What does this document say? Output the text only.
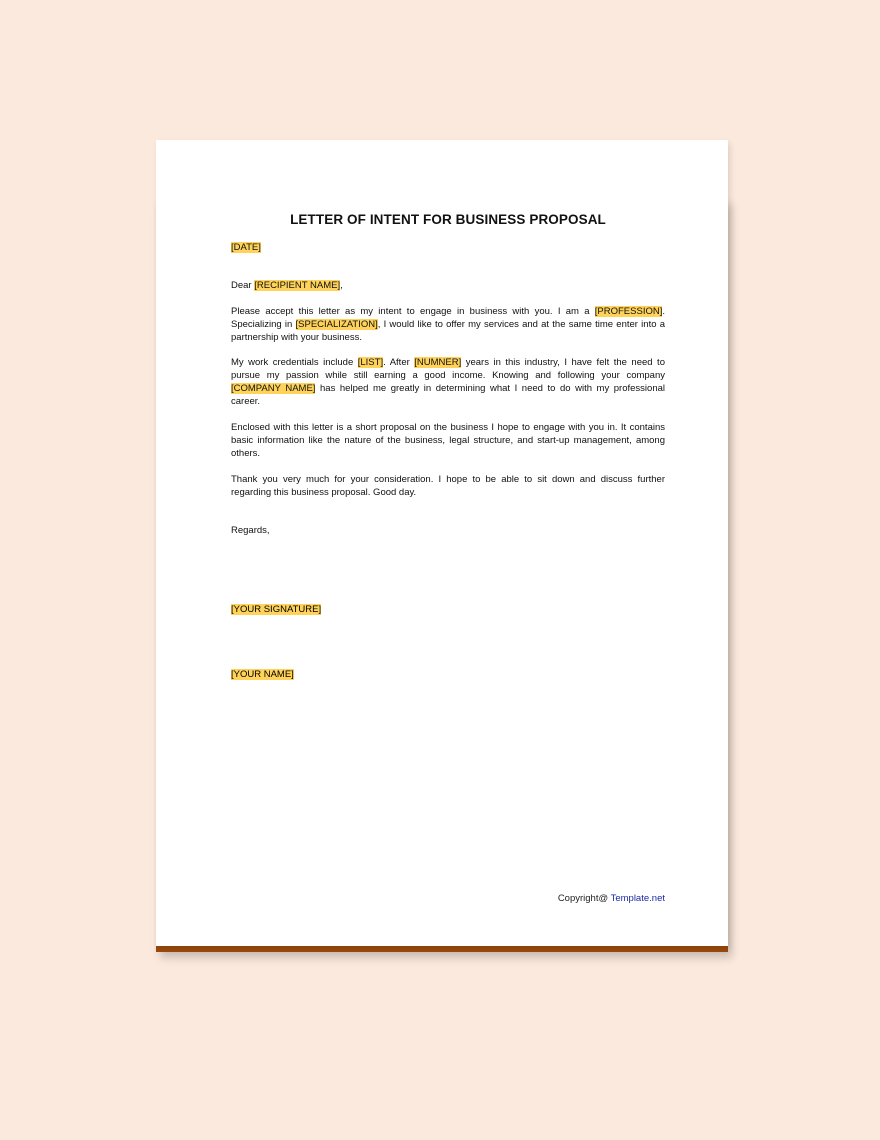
LETTER OF INTENT FOR BUSINESS PROPOSAL

[DATE]

Dear [RECIPIENT NAME],

Please accept this letter as my intent to engage in business with you. I am a [PROFESSION]. Specializing in [SPECIALIZATION], I would like to offer my services and at the same time enter into a partnership with your business.

My work credentials include [LIST]. After [NUMNER] years in this industry, I have felt the need to pursue my passion while still earning a good income. Knowing and following your company [COMPANY NAME] has helped me greatly in determining what I need to do with my professional career.

Enclosed with this letter is a short proposal on the business I hope to engage with you in. It contains basic information like the nature of the business, legal structure, and start-up management, among others.

Thank you very much for your consideration. I hope to be able to sit down and discuss further regarding this business proposal. Good day.

Regards,

[YOUR SIGNATURE]
[YOUR NAME]
Copyright@ Template.net
